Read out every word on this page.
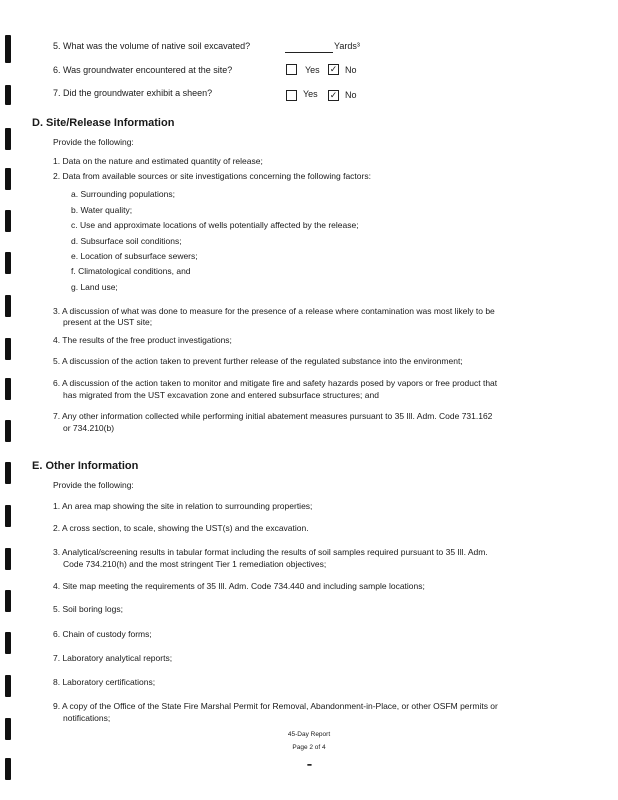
5. What was the volume of native soil excavated?	Yards³
6. Was groundwater encountered at the site?	Yes ✓ No
7. Did the groundwater exhibit a sheen?	Yes ✓ No
D. Site/Release Information
Provide the following:
1. Data on the nature and estimated quantity of release;
2. Data from available sources or site investigations concerning the following factors:
a. Surrounding populations;
b. Water quality;
c. Use and approximate locations of wells potentially affected by the release;
d. Subsurface soil conditions;
e. Location of subsurface sewers;
f. Climatological conditions, and
g. Land use;
3. A discussion of what was done to measure for the presence of a release where contamination was most likely to be
present at the UST site;
4. The results of the free product investigations;
5. A discussion of the action taken to prevent further release of the regulated substance into the environment;
6. A discussion of the action taken to monitor and mitigate fire and safety hazards posed by vapors or free product that
has migrated from the UST excavation zone and entered subsurface structures; and
7. Any other information collected while performing initial abatement measures pursuant to 35 Ill. Adm. Code 731.162
or 734.210(b)
E. Other Information
Provide the following:
1. An area map showing the site in relation to surrounding properties;
2. A cross section, to scale, showing the UST(s) and the excavation.
3. Analytical/screening results in tabular format including the results of soil samples required pursuant to 35 Ill. Adm.
Code 734.210(h) and the most stringent Tier 1 remediation objectives;
4. Site map meeting the requirements of 35 Ill. Adm. Code 734.440 and including sample locations;
5. Soil boring logs;
6. Chain of custody forms;
7. Laboratory analytical reports;
8. Laboratory certifications;
9. A copy of the Office of the State Fire Marshal Permit for Removal, Abandonment-in-Place, or other OSFM permits or
notifications;
45-Day Report
Page 2 of 4
▪▪▪
